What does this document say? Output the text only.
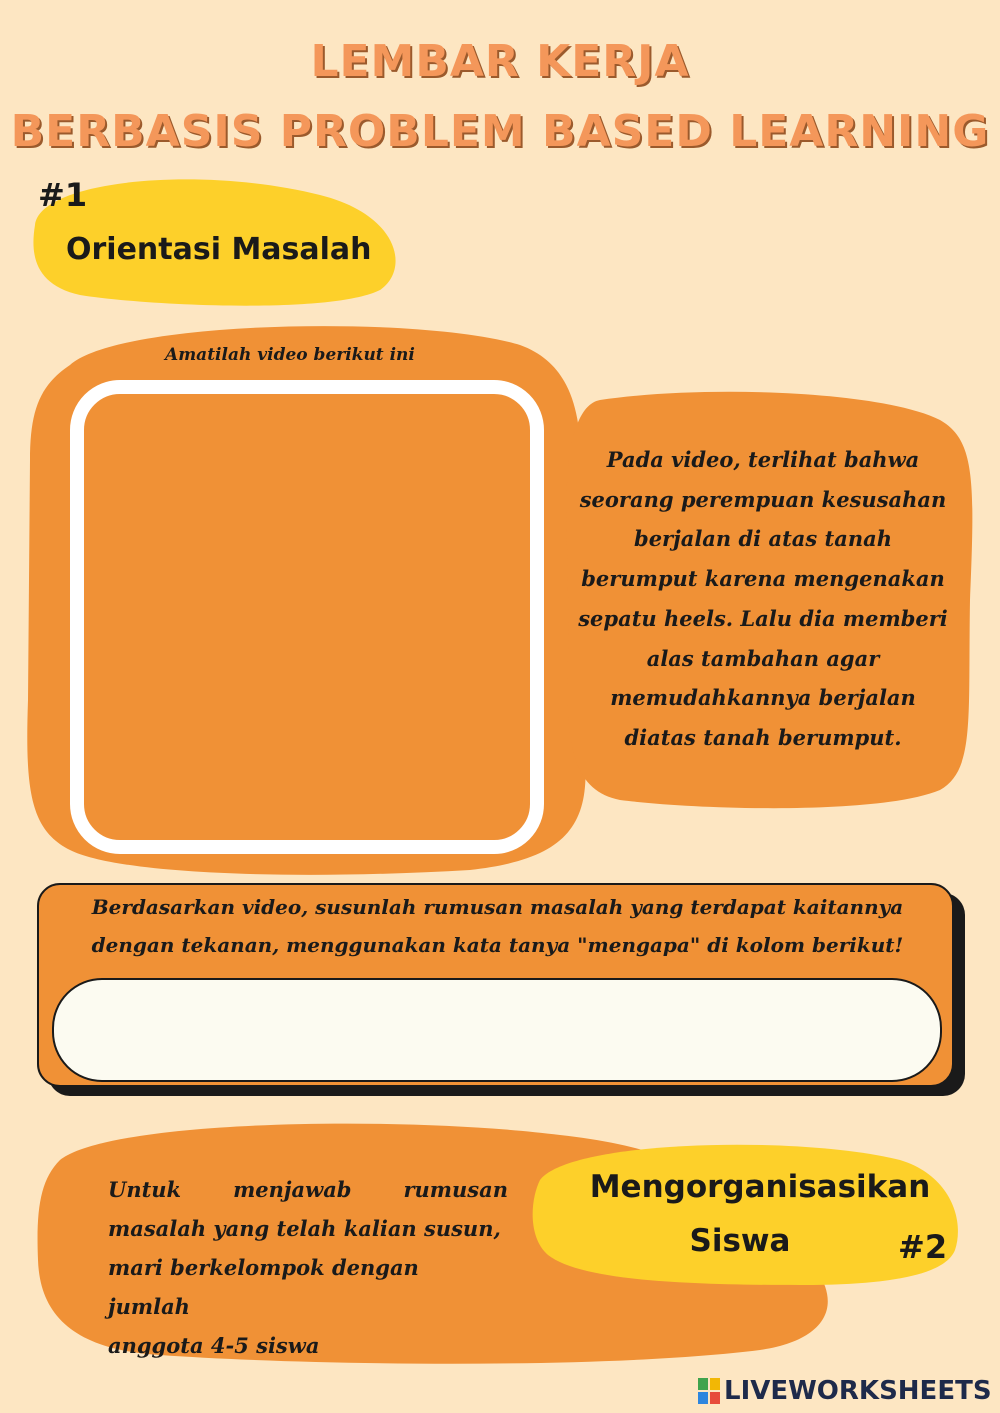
LEMBAR KERJA
BERBASIS PROBLEM BASED LEARNING
#1
Orientasi Masalah
Amatilah video berikut ini
Pada video, terlihat bahwa
seorang perempuan kesusahan
berjalan di atas tanah
berumput karena mengenakan
sepatu heels. Lalu dia memberi
alas tambahan agar
memudahkannya berjalan
diatas tanah berumput.
Berdasarkan video, susunlah rumusan masalah yang terdapat kaitannya
dengan tekanan, menggunakan kata tanya "mengapa" di kolom berikut!
Untuk menjawab rumusan
masalah yang telah kalian susun,
mari berkelompok dengan jumlah
anggota 4-5 siswa
Mengorganisasikan
Siswa	#2
LIVEWORKSHEETS
